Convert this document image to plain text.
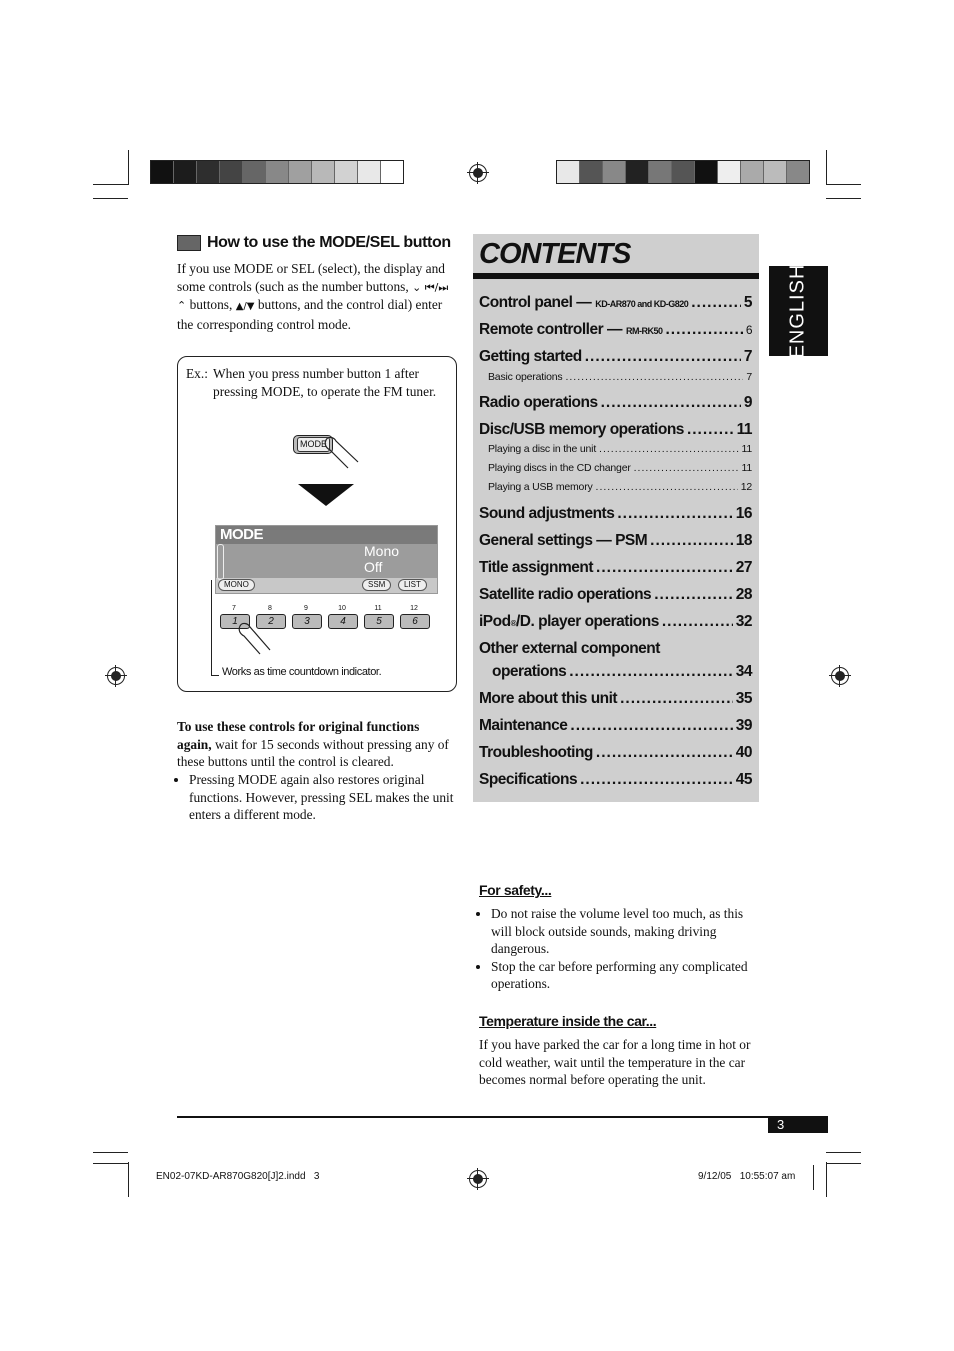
How to use the MODE/SEL button
If you use MODE or SEL (select), the display and some controls (such as the number buttons, ⌄ ⏮/⏭ ⌃ buttons, ▲/▼ buttons, and the control dial) enter the corresponding control mode.
Ex.: When you press number button 1 after pressing MODE, to operate the FM tuner.
MODE
MODE
Mono
Off
MONO	SSM	LIST
7	8	9	10	11	12
1	2	3	4	5	6
Works as time countdown indicator.
To use these controls for original functions again, wait for 15 seconds without pressing any of these buttons until the control is cleared.
• Pressing MODE again also restores original functions. However, pressing SEL makes the unit enters a different mode.
CONTENTS
Control panel — KD-AR870 and KD-G820 .....	5
Remote controller — RM-RK50 .....	6
Getting started .....	7
Basic operations .....	7
Radio operations .....	9
Disc/USB memory operations .....	11
Playing a disc in the unit .....	11
Playing discs in the CD changer .....	11
Playing a USB memory .....	12
Sound adjustments .....	16
General settings — PSM .....	18
Title assignment .....	27
Satellite radio operations .....	28
iPod ® /D. player operations .....	32
Other external component
operations .....	34
More about this unit .....	35
Maintenance .....	39
Troubleshooting .....	40
Specifications .....	45
ENGLISH
For safety...
• Do not raise the volume level too much, as this will block outside sounds, making driving dangerous.
• Stop the car before performing any complicated operations.
Temperature inside the car...
If you have parked the car for a long time in hot or cold weather, wait until the temperature in the car becomes normal before operating the unit.
3
EN02-07KD-AR870G820[J]2.indd   3	9/12/05   10:55:07 am
